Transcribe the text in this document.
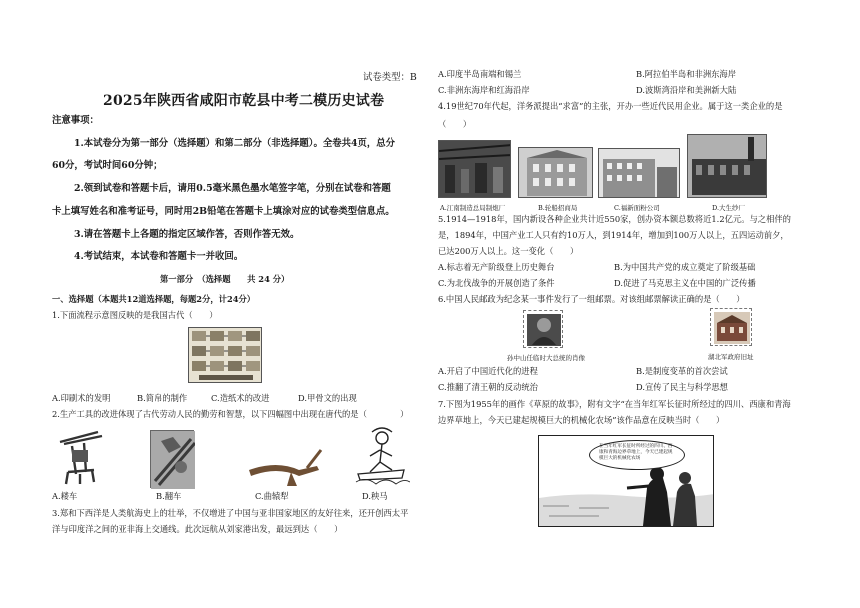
试卷类型：B
2025年陕西省咸阳市乾县中考二模历史试卷
注意事项：
1.本试卷分为第一部分（选择题）和第二部分（非选择题）。全卷共4页，总分
60分，考试时间60分钟；
2.领到试卷和答题卡后，请用0.5毫米黑色墨水笔签字笔，分别在试卷和答题
卡上填写姓名和准考证号，同时用2B铅笔在答题卡上填涂对应的试卷类型信息点。
3.请在答题卡上各题的指定区域作答，否则作答无效。
4.考试结束，本试卷和答题卡一并收回。
第一部分　（选择题　　共 24 分）
一、选择题（本题共12道选择题，每题2分，计24分）
1.下面流程示意图反映的是我国古代（　　）
A.印刷术的发明	B.简帛的制作	C.造纸术的改进	D.甲骨文的出现
2.生产工具的改进体现了古代劳动人民的勤劳和智慧，以下四幅图中出现在唐代的是（　　　　）
A.耧车	B.翻车	C.曲辕犁	D.秧马
3.郑和下西洋是人类航海史上的壮举，不仅增进了中国与亚非国家地区的友好往来，还开创西太平
洋与印度洋之间的亚非海上交通线。此次远航从刘家港出发，最远到达（　　）
A.印度半岛南端和锡兰	B.阿拉伯半岛和非洲东海岸
C.非洲东海岸和红海沿岸	D.波斯湾沿岸和美洲新大陆
4.19世纪70年代起，洋务派提出“求富”的主张，开办一些近代民用企业。属于这一类企业的是
（　　）
A.江南制造总局制炮厂	B.轮船招商局	C.福新面粉公司	D.大生纱厂
5.1914—1918年，国内新设各种企业共计近550家，创办资本额总数将近1.2亿元。与之相伴的
是，1894年，中国产业工人只有约10万人，到1914年，增加到100万人以上，五四运动前夕，
已达200万人以上。这一变化（　　）
A.标志着无产阶级登上历史舞台	B.为中国共产党的成立奠定了阶级基础
C.为北伐战争的开展创造了条件	D.促进了马克思主义在中国的广泛传播
6.中国人民邮政为纪念某一事件发行了一组邮票。对该组邮票解读正确的是（　　）
孙中山任临时大总统的肖像	湖北军政府旧址
A.开启了中国近代化的进程	B.是制度变革的首次尝试
C.推翻了清王朝的反动统治	D.宣传了民主与科学思想
7.下图为1955年的画作《草原的故事》，附有文字“在当年红军长征时所经过的四川、西康和青海
边界草地上，今天已建起规模巨大的机械化农场”该作品意在反映当时（　　）
在当年红军长征时所经过的四川、西康和青海边界草地上，今天已建起规模巨大的机械化农场
